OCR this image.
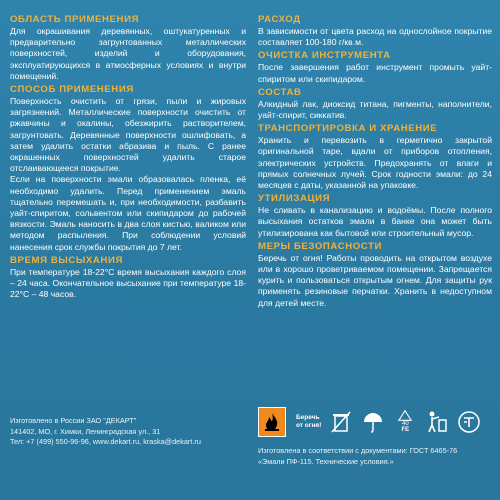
ОБЛАСТЬ ПРИМЕНЕНИЯ

Для окрашивания деревянных, оштукатуренных и предварительно загрунтованных металлических поверхностей, изделий и оборудования, эксплуатирующихся в атмосферных условиях и внутри помещений.

СПОСОБ ПРИМЕНЕНИЯ

Поверхность очистить от грязи, пыли и жировых загрязнений. Металлические поверхности очистить от ржавчины и окалины, обезжирить растворителем, загрунтовать. Деревянные поверхности ошлифовать, а затем удалить остатки абразива и пыль. С ранее окрашенных поверхностей удалить старое отслаивающееся покрытие.
Если на поверхности эмали образовалась пленка, её необходимо удалить. Перед применением эмаль тщательно перемешать и, при необходимости, разбавить уайт-спиритом, сольвентом или скипидаром до рабочей вязкости. Эмаль наносить в два слоя кистью, валиком или методом распыления. При соблюдении условий нанесения срок службы покрытия до 7 лет.

ВРЕМЯ ВЫСЫХАНИЯ

При температуре 18-22°C время высыхания каждого слоя – 24 часа. Окончательное высыхание при температуре 18-22°C – 48 часов.

РАСХОД

В зависимости от цвета расход на однослойное покрытие составляет 100-180 г/кв.м.

ОЧИСТКА ИНСТРУМЕНТА

После завершения работ инструмент промыть уайт-спиритом или скипидаром.

СОСТАВ

Алкидный лак, диоксид титана, пигменты, наполнители, уайт-спирит, сиккатив.

ТРАНСПОРТИРОВКА И ХРАНЕНИЕ

Хранить и перевозить в герметично закрытой оригинальной таре, вдали от приборов отопления, электрических устройств. Предохранять от влаги и прямых солнечных лучей. Срок годности эмали: до 24 месяцев с даты, указанной на упаковке.

УТИЛИЗАЦИЯ

Не сливать в канализацию и водоёмы. После полного высыхания остатков эмали в банке она может быть утилизирована как бытовой или строительный мусор.

МЕРЫ БЕЗОПАСНОСТИ

Беречь от огня! Работы проводить на открытом воздухе или в хорошо проветриваемом помещении. Запрещается курить и пользоваться открытым огнем. Для защиты рук применять резиновые перчатки. Хранить в недоступном для детей месте.

Беречь
от огня!	40
FE
Изготовлено в России ЗАО "ДЕКАРТ"
141402, МО, г. Химки, Ленинградская ул., 31
Тел: +7 (499) 550-96-96, www.dekart.ru, kraska@dekart.ru
Изготовлена в соответствии с документами: ГОСТ 6465-76
«Эмали ПФ-115. Технические условия.»
